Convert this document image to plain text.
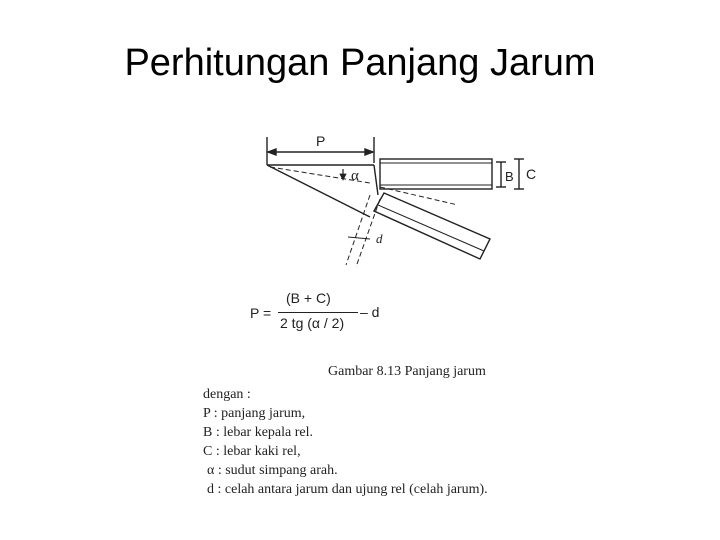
Perhitungan Panjang Jarum
P
α	B C
d
P =
(B + C)
2 tg (α / 2)
– d
Gambar 8.13 Panjang jarum
dengan :
P : panjang jarum,
B : lebar kepala rel.
C : lebar kaki rel,
α : sudut simpang arah.
d : celah antara jarum dan ujung rel (celah jarum).
